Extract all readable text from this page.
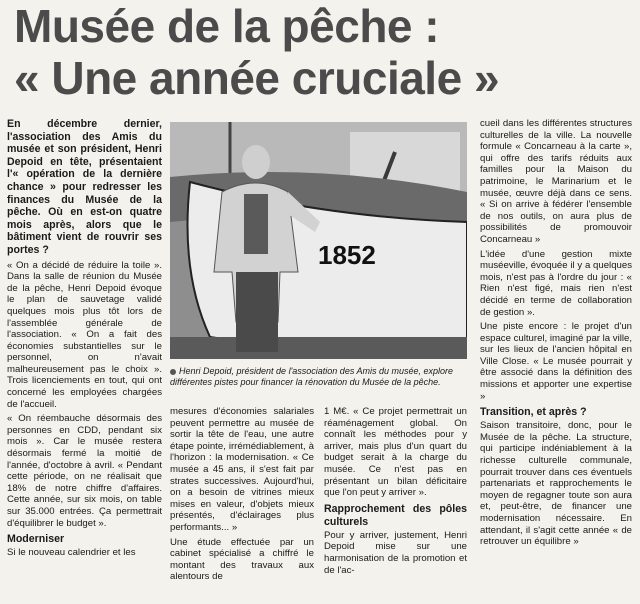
Musée de la pêche :
« Une année cruciale »

En décembre dernier, l'association des Amis du musée et son président, Henri Depoid en tête, présentaient l'« opération de la dernière chance » pour redresser les finances du Musée de la pêche. Où en est-on quatre mois après, alors que le bâtiment vient de rouvrir ses portes ?

« On a décidé de réduire la toile ». Dans la salle de réunion du Musée de la pêche, Henri Depoid évoque le plan de sauvetage validé quelques mois plus tôt lors de l'assemblée générale de l'association. « On a fait des économies substantielles sur le personnel, on n'avait malheureusement pas le choix ». Trois licenciements en tout, qui ont concerné les employées chargées de l'accueil.

« On réembauche désormais des personnes en CDD, pendant six mois ». Car le musée restera désormais fermé la moitié de l'année, d'octobre à avril. « Pendant cette période, on ne réalisait que 18% de notre chiffre d'affaires. Cette année, sur six mois, on table sur 35.000 entrées. Ça permettrait d'équilibrer le budget ».

Moderniser

Si le nouveau calendrier et les

1852
Henri Depoid, président de l'association des Amis du musée, explore différentes pistes pour financer la rénovation du Musée de la pêche.

mesures d'économies salariales peuvent permettre au musée de sortir la tête de l'eau, une autre étape pointe, irrémédiablement, à l'horizon : la modernisation. « Ce musée a 45 ans, il s'est fait par strates successives. Aujourd'hui, on a besoin de vitrines mieux mises en valeur, d'objets mieux présentés, d'éclairages plus performants... »

Une étude effectuée par un cabinet spécialisé a chiffré le montant des travaux aux alentours de

1 M€. « Ce projet permettrait un réaménagement global. On connaît les méthodes pour y arriver, mais plus d'un quart du budget serait à la charge du musée. Ce n'est pas en présentant un bilan déficitaire que l'on peut y arriver ».

Rapprochement des pôles culturels

Pour y arriver, justement, Henri Depoid mise sur une harmonisation de la promotion et de l'ac-

cueil dans les différentes structures culturelles de la ville. La nouvelle formule « Concarneau à la carte », qui offre des tarifs réduits aux familles pour la Maison du patrimoine, le Marinarium et le musée, œuvre déjà dans ce sens. « Si on arrive à fédérer l'ensemble de nos outils, on aura plus de possibilités de promouvoir Concarneau »

L'idée d'une gestion mixte muséeville, évoquée il y a quelques mois, n'est pas à l'ordre du jour : « Rien n'est figé, mais rien n'est décidé en terme de collaboration de gestion ».

Une piste encore : le projet d'un espace culturel, imaginé par la ville, sur les lieux de l'ancien hôpital en Ville Close. « Le musée pourrait y être associé dans la définition des missions et apporter une expertise »

Transition, et après ?

Saison transitoire, donc, pour le Musée de la pêche. La structure, qui participe indéniablement à la richesse culturelle communale, pourrait trouver dans ces éventuels partenariats et rapprochements le moyen de regagner toute son aura et, peut-être, de financer une modernisation nécessaire. En attendant, il s'agit cette année « de retrouver un équilibre »
